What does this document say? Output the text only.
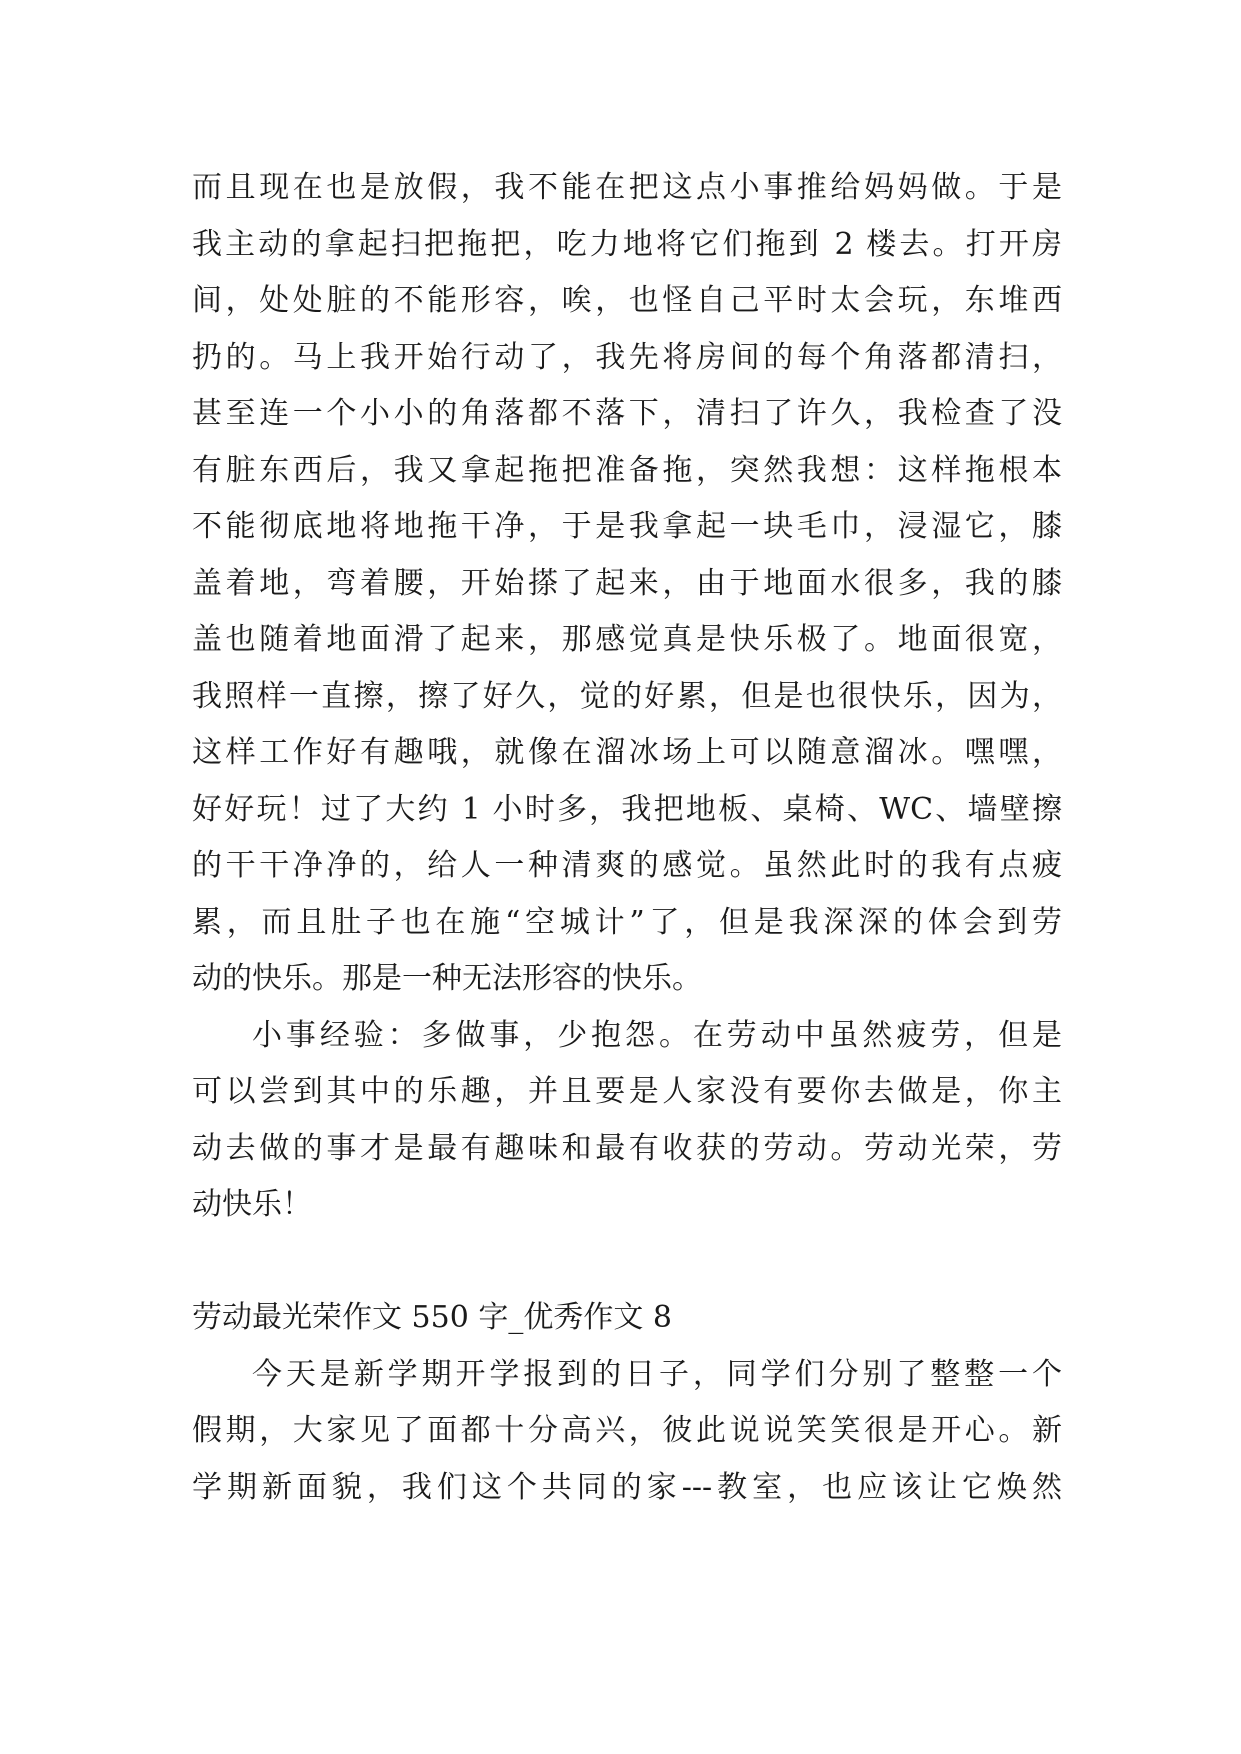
而且现在也是放假，我不能在把这点小事推给妈妈做。于是
我主动的拿起扫把拖把，吃力地将它们拖到 2 楼去。打开房
间，处处脏的不能形容，唉，也怪自己平时太会玩，东堆西
扔的。马上我开始行动了，我先将房间的每个角落都清扫，
甚至连一个小小的角落都不落下，清扫了许久，我检查了没
有脏东西后，我又拿起拖把准备拖，突然我想：这样拖根本
不能彻底地将地拖干净，于是我拿起一块毛巾，浸湿它，膝
盖着地，弯着腰，开始搽了起来，由于地面水很多，我的膝
盖也随着地面滑了起来，那感觉真是快乐极了。地面很宽，
我照样一直擦，擦了好久，觉的好累，但是也很快乐，因为，
这样工作好有趣哦，就像在溜冰场上可以随意溜冰。嘿嘿，
好好玩！过了大约 1 小时多，我把地板、桌椅、WC、墙壁擦
的干干净净的，给人一种清爽的感觉。虽然此时的我有点疲
累，而且肚子也在施“空城计”了，但是我深深的体会到劳
动的快乐。那是一种无法形容的快乐。
小事经验：多做事，少抱怨。在劳动中虽然疲劳，但是
可以尝到其中的乐趣，并且要是人家没有要你去做是，你主
动去做的事才是最有趣味和最有收获的劳动。劳动光荣，劳
动快乐！
劳动最光荣作文 550 字_优秀作文 8
今天是新学期开学报到的日子，同学们分别了整整一个
假期，大家见了面都十分高兴，彼此说说笑笑很是开心。新
学期新面貌，我们这个共同的家---教室，也应该让它焕然
